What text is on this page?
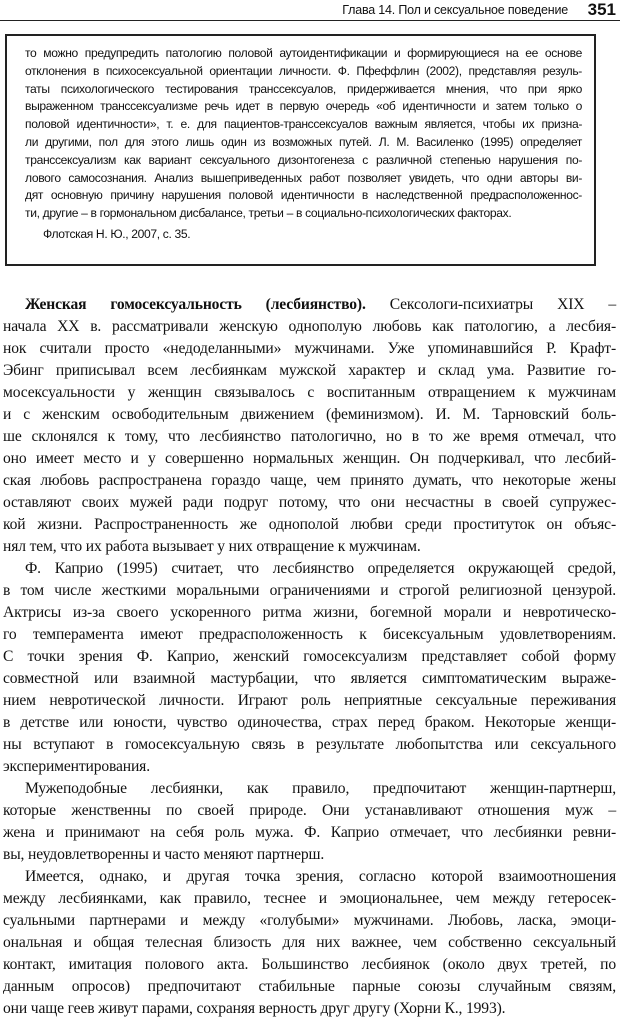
Глава 14. Пол и сексуальное поведение 351
то можно предупредить патологию половой аутоидентификации и формирующиеся на ее основе
отклонения в психосексуальной ориентации личности. Ф. Пфеффлин (2002), представляя резуль-
таты психологического тестирования транссексуалов, придерживается мнения, что при ярко
выраженном транссексуализме речь идет в первую очередь «об идентичности и затем только о
половой идентичности», т. е. для пациентов-транссексуалов важным является, чтобы их призна-
ли другими, пол для этого лишь один из возможных путей. Л. М. Василенко (1995) определяет
транссексуализм как вариант сексуального дизонтогенеза с различной степенью нарушения по-
лового самосознания. Анализ вышеприведенных работ позволяет увидеть, что одни авторы ви-
дят основную причину нарушения половой идентичности в наследственной предрасположеннос-
ти, другие – в гормональном дисбалансе, третьи – в социально-психологических факторах.
Флотская Н. Ю., 2007, с. 35.
Женская гомосексуальность (лесбиянство). Сексологи-психиатры XIX –
начала XX в. рассматривали женскую однополую любовь как патологию, а лесбия-
нок считали просто «недоделанными» мужчинами. Уже упоминавшийся Р. Крафт-
Эбинг приписывал всем лесбиянкам мужской характер и склад ума. Развитие го-
мосексуальности у женщин связывалось с воспитанным отвращением к мужчинам
и с женским освободительным движением (феминизмом). И. М. Тарновский боль-
ше склонялся к тому, что лесбиянство патологично, но в то же время отмечал, что
оно имеет место и у совершенно нормальных женщин. Он подчеркивал, что лесбий-
ская любовь распространена гораздо чаще, чем принято думать, что некоторые жены
оставляют своих мужей ради подруг потому, что они несчастны в своей супружес-
кой жизни. Распространенность же однополой любви среди проституток он объяс-
нял тем, что их работа вызывает у них отвращение к мужчинам.
Ф. Каприо (1995) считает, что лесбиянство определяется окружающей средой,
в том числе жесткими моральными ограничениями и строгой религиозной цензурой.
Актрисы из-за своего ускоренного ритма жизни, богемной морали и невротическо-
го темперамента имеют предрасположенность к бисексуальным удовлетворениям.
С точки зрения Ф. Каприо, женский гомосексуализм представляет собой форму
совместной или взаимной мастурбации, что является симптоматическим выраже-
нием невротической личности. Играют роль неприятные сексуальные переживания
в детстве или юности, чувство одиночества, страх перед браком. Некоторые женщи-
ны вступают в гомосексуальную связь в результате любопытства или сексуального
экспериментирования.
Мужеподобные лесбиянки, как правило, предпочитают женщин-партнерш,
которые женственны по своей природе. Они устанавливают отношения муж –
жена и принимают на себя роль мужа. Ф. Каприо отмечает, что лесбиянки ревни-
вы, неудовлетворенны и часто меняют партнерш.
Имеется, однако, и другая точка зрения, согласно которой взаимоотношения
между лесбиянками, как правило, теснее и эмоциональнее, чем между гетеросек-
суальными партнерами и между «голубыми» мужчинами. Любовь, ласка, эмоци-
ональная и общая телесная близость для них важнее, чем собственно сексуальный
контакт, имитация полового акта. Большинство лесбиянок (около двух третей, по
данным опросов) предпочитают стабильные парные союзы случайным связям,
они чаще геев живут парами, сохраняя верность друг другу (Хорни К., 1993).
